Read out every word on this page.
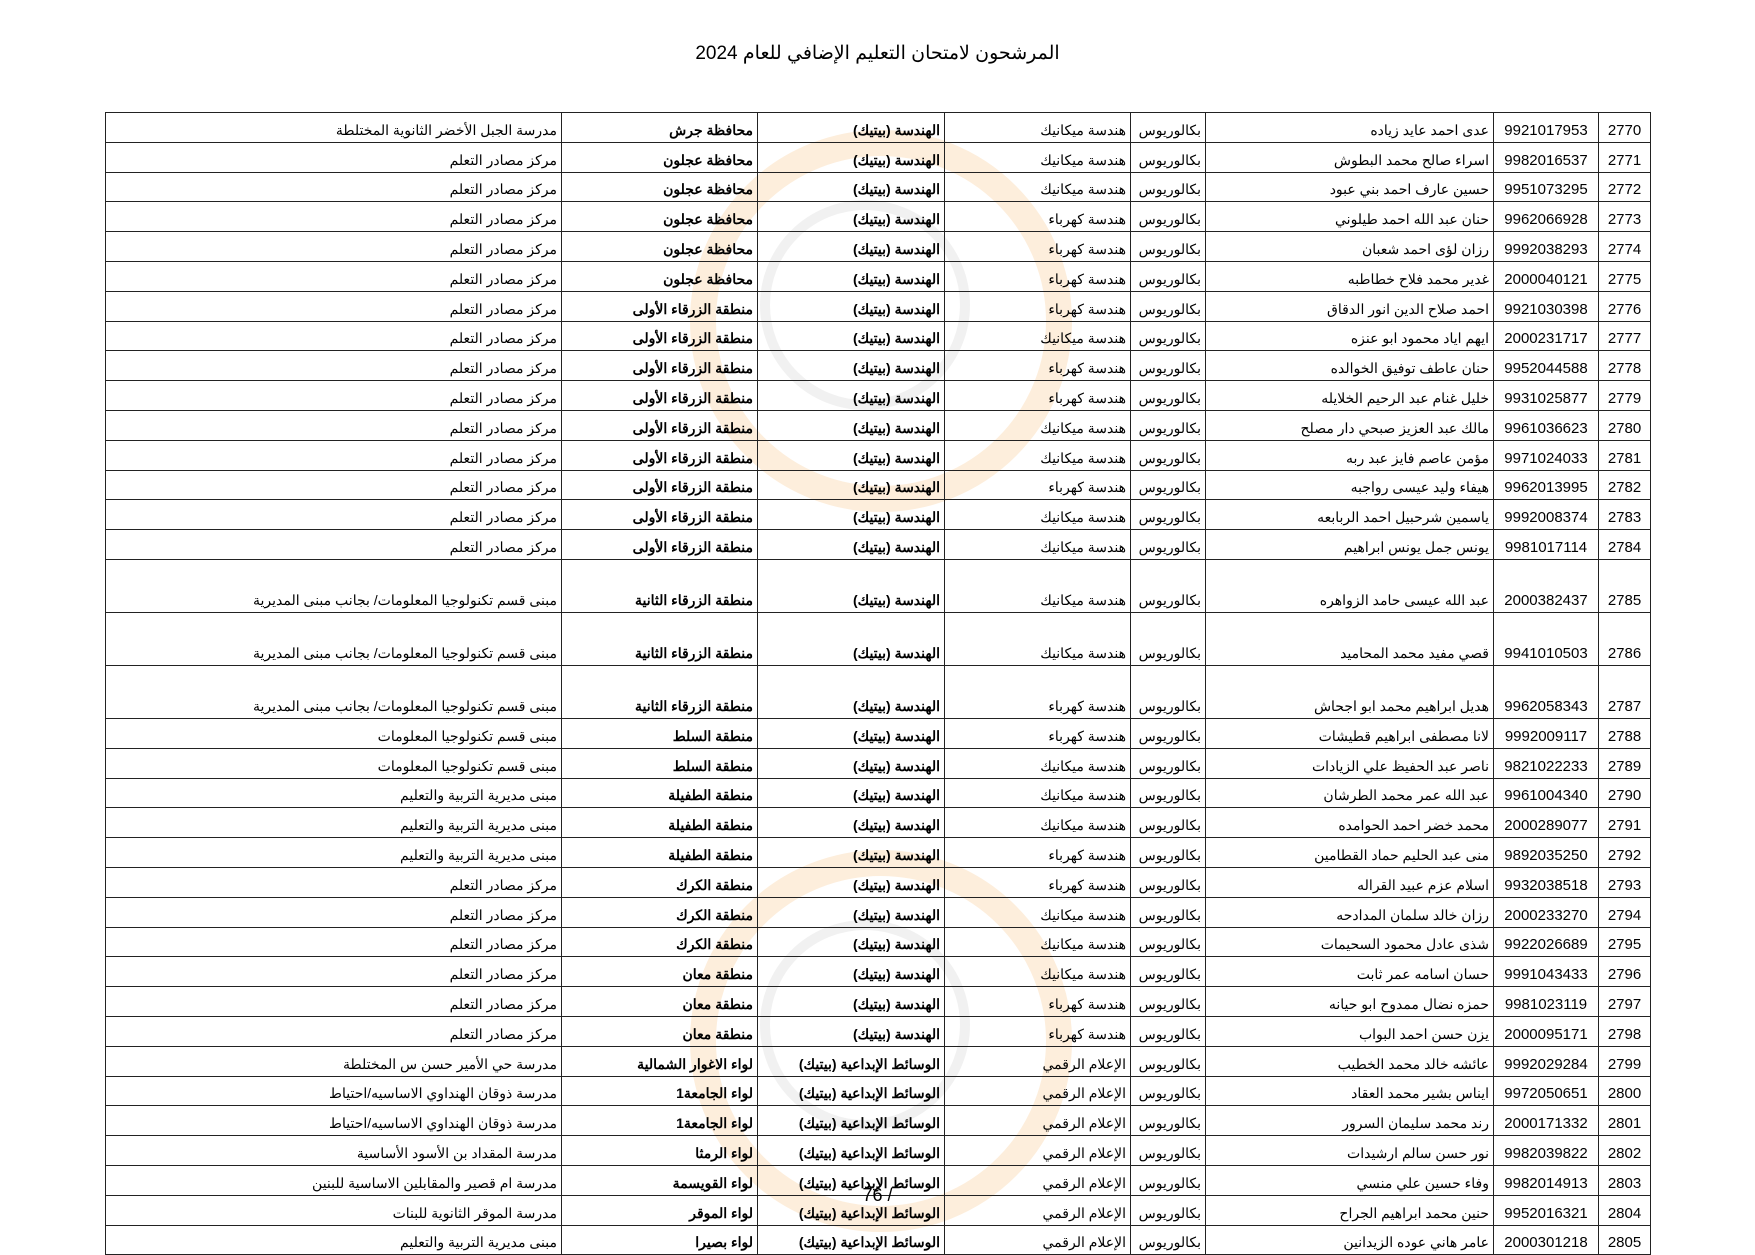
المرشحون لامتحان التعليم الإضافي للعام 2024
2770	9921017953	عدى احمد عايد زياده	بكالوريوس	هندسة ميكانيك	الهندسة (بيتيك)	محافظة جرش	مدرسة الجبل الأخضر الثانوية المختلطة
2771	9982016537	اسراء صالح محمد البطوش	بكالوريوس	هندسة ميكانيك	الهندسة (بيتيك)	محافظة عجلون	مركز مصادر التعلم
2772	9951073295	حسين عارف احمد بني عبود	بكالوريوس	هندسة ميكانيك	الهندسة (بيتيك)	محافظة عجلون	مركز مصادر التعلم
2773	9962066928	حنان عبد الله احمد طيلوني	بكالوريوس	هندسة كهرباء	الهندسة (بيتيك)	محافظة عجلون	مركز مصادر التعلم
2774	9992038293	رزان لؤى احمد شعبان	بكالوريوس	هندسة كهرباء	الهندسة (بيتيك)	محافظة عجلون	مركز مصادر التعلم
2775	2000040121	غدير محمد فلاح خطاطبه	بكالوريوس	هندسة كهرباء	الهندسة (بيتيك)	محافظة عجلون	مركز مصادر التعلم
2776	9921030398	احمد صلاح الدين انور الدقاق	بكالوريوس	هندسة كهرباء	الهندسة (بيتيك)	منطقة الزرقاء الأولى	مركز مصادر التعلم
2777	2000231717	ايهم اياد محمود ابو عنزه	بكالوريوس	هندسة ميكانيك	الهندسة (بيتيك)	منطقة الزرقاء الأولى	مركز مصادر التعلم
2778	9952044588	حنان عاطف توفيق الخوالده	بكالوريوس	هندسة كهرباء	الهندسة (بيتيك)	منطقة الزرقاء الأولى	مركز مصادر التعلم
2779	9931025877	خليل غنام عبد الرحيم الخلايله	بكالوريوس	هندسة كهرباء	الهندسة (بيتيك)	منطقة الزرقاء الأولى	مركز مصادر التعلم
2780	9961036623	مالك عبد العزيز صبحي دار مصلح	بكالوريوس	هندسة ميكانيك	الهندسة (بيتيك)	منطقة الزرقاء الأولى	مركز مصادر التعلم
2781	9971024033	مؤمن عاصم فايز عبد ربه	بكالوريوس	هندسة ميكانيك	الهندسة (بيتيك)	منطقة الزرقاء الأولى	مركز مصادر التعلم
2782	9962013995	هيفاء وليد عيسى رواجبه	بكالوريوس	هندسة كهرباء	الهندسة (بيتيك)	منطقة الزرقاء الأولى	مركز مصادر التعلم
2783	9992008374	ياسمين شرحبيل احمد الربابعه	بكالوريوس	هندسة ميكانيك	الهندسة (بيتيك)	منطقة الزرقاء الأولى	مركز مصادر التعلم
2784	9981017114	يونس جمل يونس ابراهيم	بكالوريوس	هندسة ميكانيك	الهندسة (بيتيك)	منطقة الزرقاء الأولى	مركز مصادر التعلم
2785	2000382437	عبد الله عيسى حامد الزواهره	بكالوريوس	هندسة ميكانيك	الهندسة (بيتيك)	منطقة الزرقاء الثانية	مبنى قسم تكنولوجيا المعلومات/ بجانب مبنى المديرية
2786	9941010503	قصي مفيد محمد المحاميد	بكالوريوس	هندسة ميكانيك	الهندسة (بيتيك)	منطقة الزرقاء الثانية	مبنى قسم تكنولوجيا المعلومات/ بجانب مبنى المديرية
2787	9962058343	هديل ابراهيم محمد ابو اجحاش	بكالوريوس	هندسة كهرباء	الهندسة (بيتيك)	منطقة الزرقاء الثانية	مبنى قسم تكنولوجيا المعلومات/ بجانب مبنى المديرية
2788	9992009117	لانا مصطفى ابراهيم قطيشات	بكالوريوس	هندسة كهرباء	الهندسة (بيتيك)	منطقة السلط	مبنى قسم تكنولوجيا المعلومات
2789	9821022233	ناصر عبد الحفيظ علي الزيادات	بكالوريوس	هندسة ميكانيك	الهندسة (بيتيك)	منطقة السلط	مبنى قسم تكنولوجيا المعلومات
2790	9961004340	عبد الله عمر محمد الطرشان	بكالوريوس	هندسة ميكانيك	الهندسة (بيتيك)	منطقة الطفيلة	مبنى مديرية التربية والتعليم
2791	2000289077	محمد خضر احمد الحوامده	بكالوريوس	هندسة ميكانيك	الهندسة (بيتيك)	منطقة الطفيلة	مبنى مديرية التربية والتعليم
2792	9892035250	منى عبد الحليم حماد القطامين	بكالوريوس	هندسة كهرباء	الهندسة (بيتيك)	منطقة الطفيلة	مبنى مديرية التربية والتعليم
2793	9932038518	اسلام عزم عبيد القراله	بكالوريوس	هندسة كهرباء	الهندسة (بيتيك)	منطقة الكرك	مركز مصادر التعلم
2794	2000233270	رزان خالد سلمان المدادحه	بكالوريوس	هندسة ميكانيك	الهندسة (بيتيك)	منطقة الكرك	مركز مصادر التعلم
2795	9922026689	شذى عادل محمود السحيمات	بكالوريوس	هندسة ميكانيك	الهندسة (بيتيك)	منطقة الكرك	مركز مصادر التعلم
2796	9991043433	حسان اسامه عمر ثابت	بكالوريوس	هندسة ميكانيك	الهندسة (بيتيك)	منطقة معان	مركز مصادر التعلم
2797	9981023119	حمزه نضال ممدوح ابو حيانه	بكالوريوس	هندسة كهرباء	الهندسة (بيتيك)	منطقة معان	مركز مصادر التعلم
2798	2000095171	يزن حسن احمد البواب	بكالوريوس	هندسة كهرباء	الهندسة (بيتيك)	منطقة معان	مركز مصادر التعلم
2799	9992029284	عائشه خالد محمد الخطيب	بكالوريوس	الإعلام الرقمي	الوسائط الإبداعية (بيتيك)	لواء الاغوار الشمالية	مدرسة حي الأمير حسن س المختلطة
2800	9972050651	ايناس بشير محمد العقاد	بكالوريوس	الإعلام الرقمي	الوسائط الإبداعية (بيتيك)	لواء الجامعة1	مدرسة ذوقان الهنداوي الاساسيه/احتياط
2801	2000171332	رند محمد سليمان السرور	بكالوريوس	الإعلام الرقمي	الوسائط الإبداعية (بيتيك)	لواء الجامعة1	مدرسة ذوقان الهنداوي الاساسيه/احتياط
2802	9982039822	نور حسن سالم ارشيدات	بكالوريوس	الإعلام الرقمي	الوسائط الإبداعية (بيتيك)	لواء الرمثا	مدرسة المقداد بن الأسود الأساسية
2803	9982014913	وفاء حسين علي منسي	بكالوريوس	الإعلام الرقمي	الوسائط الإبداعية (بيتيك)	لواء القويسمة	مدرسة ام قصير والمقابلين الاساسية للبنين
2804	9952016321	حنين محمد ابراهيم الجراح	بكالوريوس	الإعلام الرقمي	الوسائط الإبداعية (بيتيك)	لواء الموقر	مدرسة الموقر الثانوية للبنات
2805	2000301218	عامر هاني عوده الزيدانين	بكالوريوس	الإعلام الرقمي	الوسائط الإبداعية (بيتيك)	لواء بصيرا	مبنى مديرية التربية والتعليم
76 /
